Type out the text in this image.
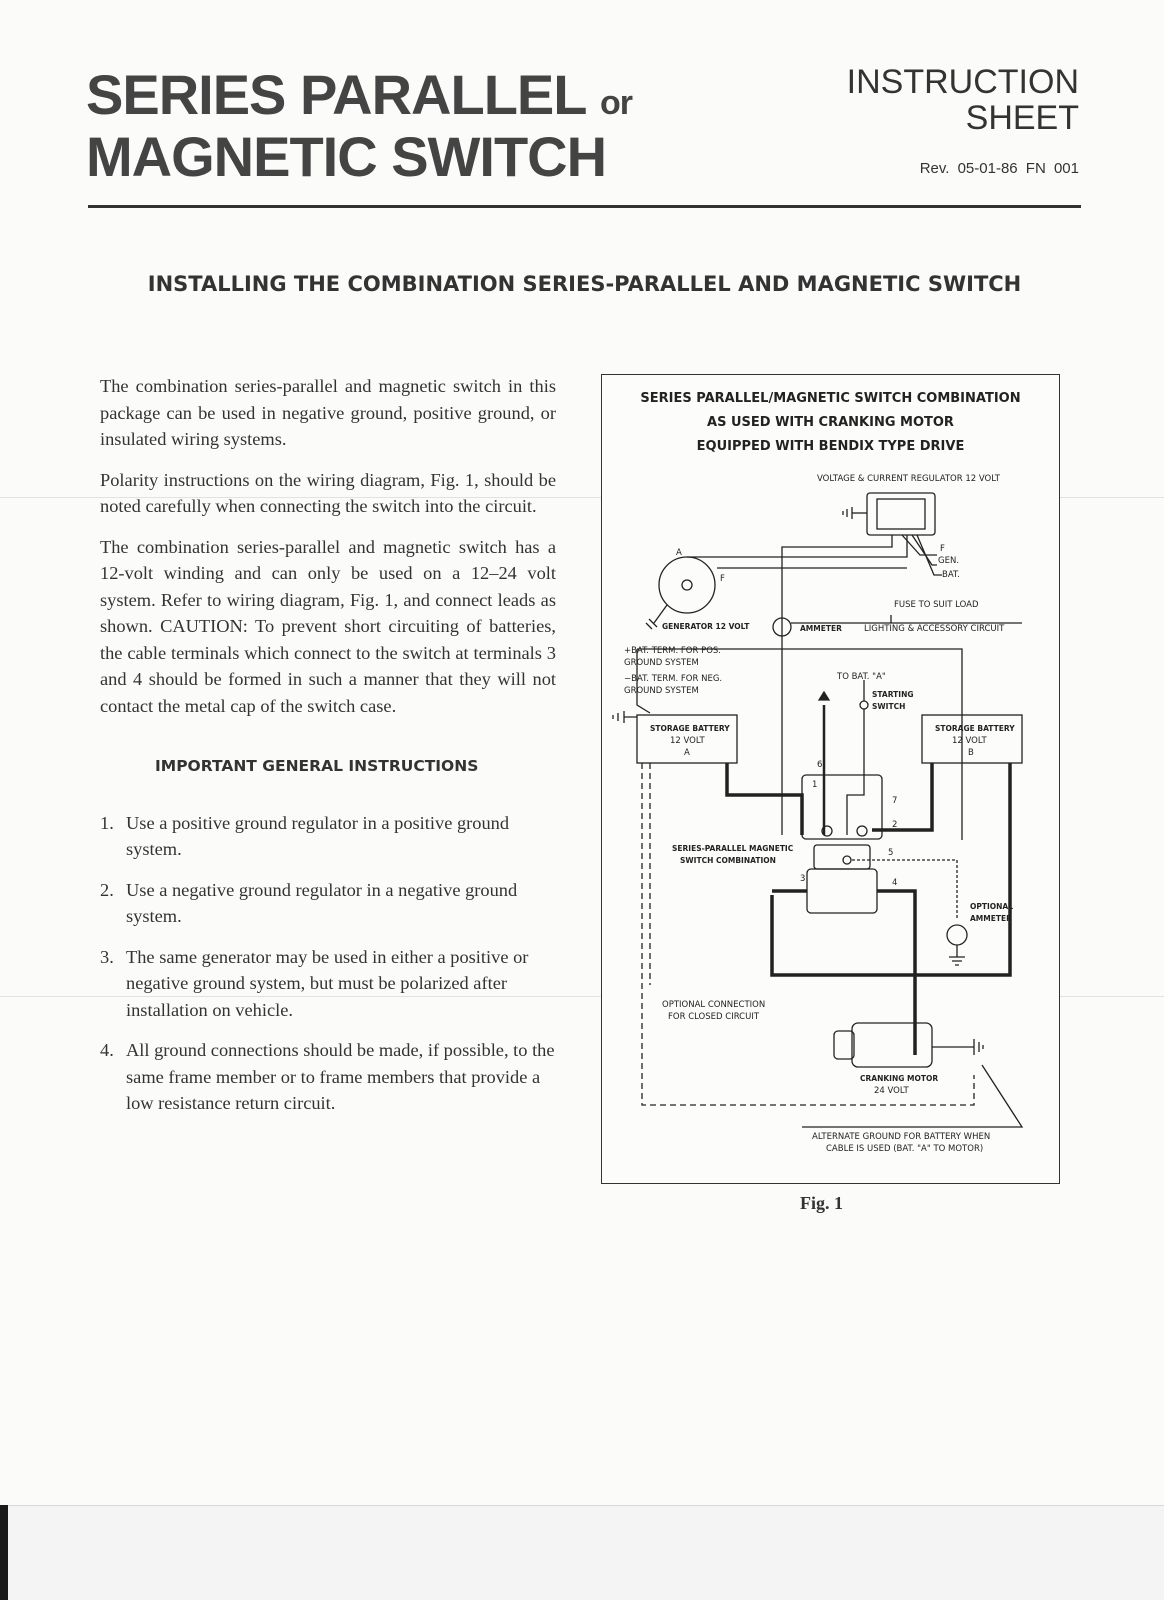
SERIES PARALLEL or
MAGNETIC SWITCH
INSTRUCTION
SHEET
Rev. 05-01-86 FN 001
INSTALLING THE COMBINATION SERIES-PARALLEL AND MAGNETIC SWITCH

The combination series-parallel and magnetic switch in this package can be used in negative ground, positive ground, or insulated wiring systems.

Polarity instructions on the wiring diagram, Fig. 1, should be noted carefully when connecting the switch into the circuit.

The combination series-parallel and magnetic switch has a 12-volt winding and can only be used on a 12–24 volt system. Refer to wiring diagram, Fig. 1, and connect leads as shown. CAUTION: To prevent short circuiting of batteries, the cable terminals which connect to the switch at terminals 3 and 4 should be formed in such a manner that they will not contact the metal cap of the switch case.

IMPORTANT GENERAL INSTRUCTIONS
1. Use a positive ground regulator in a positive ground system.
2. Use a negative ground regulator in a negative ground system.
3. The same generator may be used in either a positive or negative ground system, but must be polarized after installation on vehicle.
4. All ground connections should be made, if possible, to the same frame member or to frame members that provide a low resistance return circuit.
SERIES PARALLEL/MAGNETIC SWITCH COMBINATION
AS USED WITH CRANKING MOTOR
EQUIPPED WITH BENDIX TYPE DRIVE
VOLTAGE & CURRENT REGULATOR 12 VOLT
A
F
F
GEN.
BAT.
FUSE TO SUIT LOAD
GENERATOR 12 VOLT	AMMETER	LIGHTING & ACCESSORY CIRCUIT
+BAT. TERM. FOR POS.
GROUND SYSTEM
−BAT. TERM. FOR NEG.
GROUND SYSTEM
TO BAT. "A"
STARTING
SWITCH
STORAGE BATTERY
12 VOLT
A
STORAGE BATTERY
12 VOLT
B
SERIES-PARALLEL MAGNETIC
SWITCH COMBINATION
1
2
3	4
5
6
7
OPTIONAL
AMMETER
OPTIONAL CONNECTION
FOR CLOSED CIRCUIT
CRANKING MOTOR
24 VOLT
ALTERNATE GROUND FOR BATTERY WHEN
CABLE IS USED (BAT. "A" TO MOTOR)
Fig. 1
